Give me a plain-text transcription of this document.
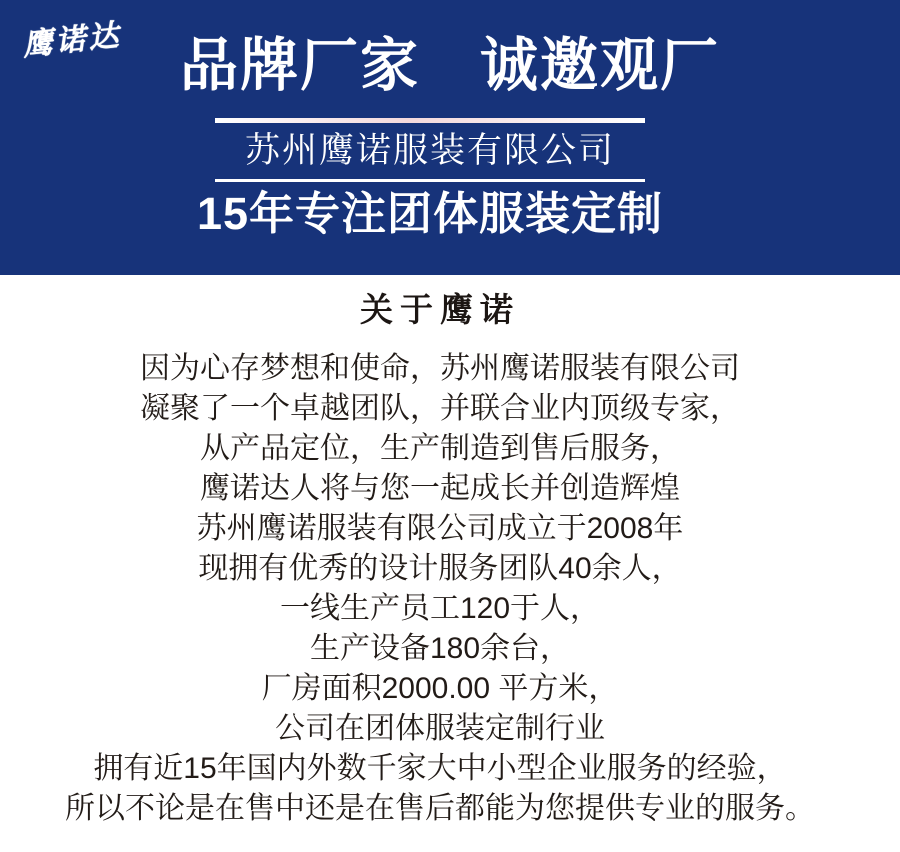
鹰诺达 品牌厂家　诚邀观厂
苏州鹰诺服装有限公司
15年专注团体服装定制
关于鹰诺
因为心存梦想和使命，苏州鹰诺服装有限公司
凝聚了一个卓越团队，并联合业内顶级专家，
从产品定位，生产制造到售后服务，
鹰诺达人将与您一起成长并创造辉煌
苏州鹰诺服装有限公司成立于2008年
现拥有优秀的设计服务团队40余人，
一线生产员工120于人，
生产设备180余台，
厂房面积2000.00 平方米，
公司在团体服装定制行业
拥有近15年国内外数千家大中小型企业服务的经验，
所以不论是在售中还是在售后都能为您提供专业的服务。
